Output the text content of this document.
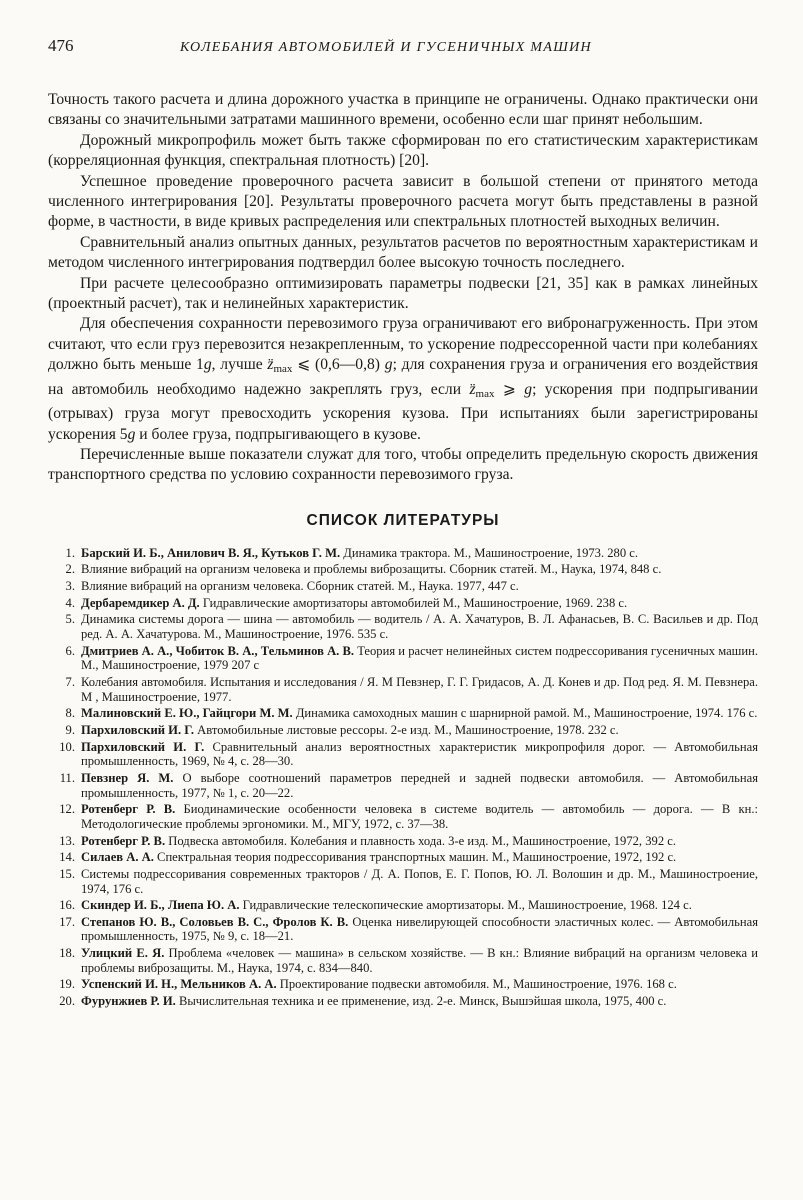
476	КОЛЕБАНИЯ АВТОМОБИЛЕЙ И ГУСЕНИЧНЫХ МАШИН

Точность такого расчета и длина дорожного участка в принципе не ограничены. Однако практически они связаны со значительными затратами машинного времени, особенно если шаг принят небольшим.

Дорожный микропрофиль может быть также сформирован по его статистическим характеристикам (корреляционная функция, спектральная плотность) [20].

Успешное проведение проверочного расчета зависит в большой степени от принятого метода численного интегрирования [20]. Результаты проверочного расчета могут быть представлены в разной форме, в частности, в виде кривых распределения или спектральных плотностей выходных величин.

Сравнительный анализ опытных данных, результатов расчетов по вероятностным характеристикам и методом численного интегрирования подтвердил более высокую точность последнего.

При расчете целесообразно оптимизировать параметры подвески [21, 35] как в рамках линейных (проектный расчет), так и нелинейных характеристик.

Для обеспечения сохранности перевозимого груза ограничивают его вибронагруженность. При этом считают, что если груз перевозится незакрепленным, то ускорение подрессоренной части при колебаниях должно быть меньше 1g, лучше $z̈_{max}$ ⩽ (0,6—0,8) g; для сохранения груза и ограничения его воздействия на автомобиль необходимо надежно закреплять груз, если $z̈_{max}$ ⩾ g; ускорения при подпрыгивании (отрывах) груза могут превосходить ускорения кузова. При испытаниях были зарегистрированы ускорения 5g и более груза, подпрыгивающего в кузове.

Перечисленные выше показатели служат для того, чтобы определить предельную скорость движения транспортного средства по условию сохранности перевозимого груза.

СПИСОК ЛИТЕРАТУРЫ
1. Барский И. Б., Анилович В. Я., Кутьков Г. М. Динамика трактора. М., Машиностроение, 1973. 280 с.
2. Влияние вибраций на организм человека и проблемы виброзащиты. Сборник статей. М., Наука, 1974, 848 с.
3. Влияние вибраций на организм человека. Сборник статей. М., Наука. 1977, 447 с.
4. Дербаремдикер А. Д. Гидравлические амортизаторы автомобилей М., Машиностроение, 1969. 238 с.
5. Динамика системы дорога — шина — автомобиль — водитель / А. А. Хачатуров, В. Л. Афанасьев, В. С. Васильев и др. Под ред. А. А. Хачатурова. М., Машиностроение, 1976. 535 с.
6. Дмитриев А. А., Чобиток В. А., Тельминов А. В. Теория и расчет нелинейных систем подрессоривания гусеничных машин. М., Машиностроение, 1979 207 с
7. Колебания автомобиля. Испытания и исследования / Я. М Певзнер, Г. Г. Гридасов, А. Д. Конев и др. Под ред. Я. М. Певзнера. М , Машиностроение, 1977.
8. Малиновский Е. Ю., Гайцгори М. М. Динамика самоходных машин с шарнирной рамой. М., Машиностроение, 1974. 176 с.
9. Пархиловский И. Г. Автомобильные листовые рессоры. 2-е изд. М., Машиностроение, 1978. 232 с.
10. Пархиловский И. Г. Сравнительный анализ вероятностных характеристик микропрофиля дорог. — Автомобильная промышленность, 1969, № 4, с. 28—30.
11. Певзнер Я. М. О выборе соотношений параметров передней и задней подвески автомобиля. — Автомобильная промышленность, 1977, № 1, с. 20—22.
12. Ротенберг Р. В. Биодинамические особенности человека в системе водитель — автомобиль — дорога. — В кн.: Методологические проблемы эргономики. М., МГУ, 1972, с. 37—38.
13. Ротенберг Р. В. Подвеска автомобиля. Колебания и плавность хода. 3-е изд. М., Машиностроение, 1972, 392 с.
14. Силаев А. А. Спектральная теория подрессоривания транспортных машин. М., Машиностроение, 1972, 192 с.
15. Системы подрессоривания современных тракторов / Д. А. Попов, Е. Г. Попов, Ю. Л. Волошин и др. М., Машиностроение, 1974, 176 с.
16. Скиндер И. Б., Лиепа Ю. А. Гидравлические телескопические амортизаторы. М., Машиностроение, 1968. 124 с.
17. Степанов Ю. В., Соловьев В. С., Фролов К. В. Оценка нивелирующей способности эластичных колес. — Автомобильная промышленность, 1975, № 9, с. 18—21.
18. Улицкий Е. Я. Проблема «человек — машина» в сельском хозяйстве. — В кн.: Влияние вибраций на организм человека и проблемы виброзащиты. М., Наука, 1974, с. 834—840.
19. Успенский И. Н., Мельников А. А. Проектирование подвески автомобиля. М., Машиностроение, 1976. 168 с.
20. Фурунжиев Р. И. Вычислительная техника и ее применение, изд. 2-е. Минск, Вышэйшая школа, 1975, 400 с.
